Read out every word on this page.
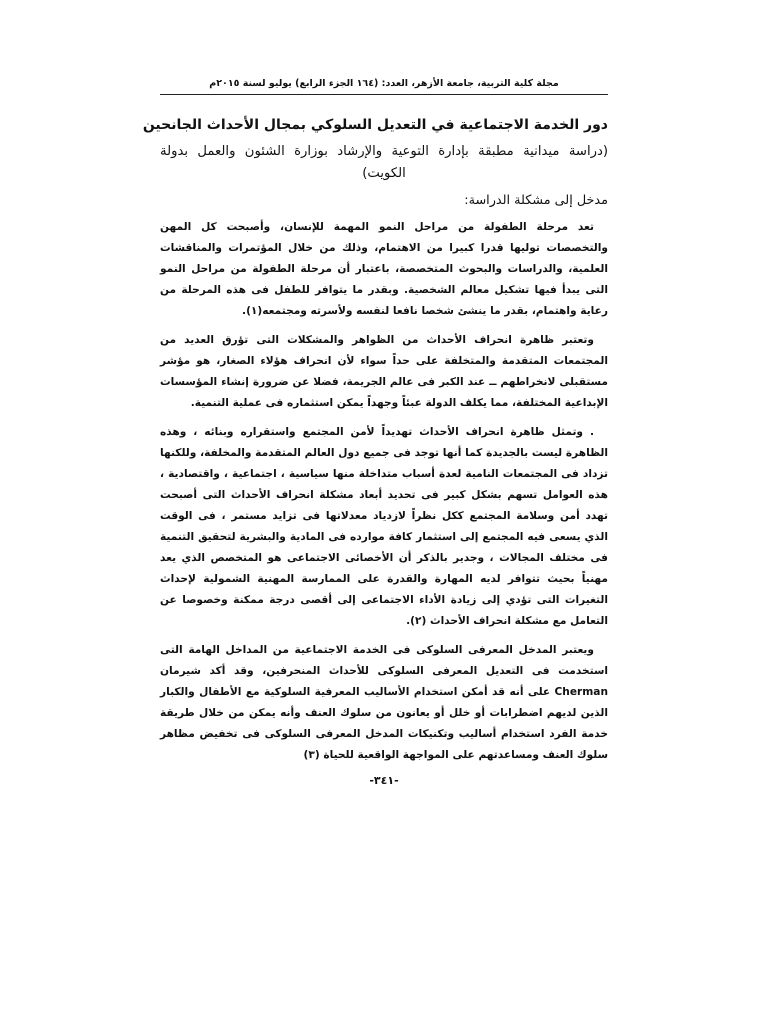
مجلة كلية التربية، جامعة الأزهر، العدد: (١٦٤ الجزء الرابع) يوليو لسنة ٢٠١٥م
دور الخدمة الاجتماعية في التعديل السلوكي بمجال الأحداث الجانحين
(دراسة ميدانية مطبقة بإدارة التوعية والإرشاد بوزارة الشئون والعمل بدولة الكويت)
مدخل إلى مشكلة الدراسة:

تعد مرحلة الطفولة من مراحل النمو المهمة للإنسان، وأصبحت كل المهن والتخصصات توليها قدرا كبيرا من الاهتمام، وذلك من خلال المؤتمرات والمناقشات العلمية، والدراسات والبحوث المتخصصة، باعتبار أن مرحلة الطفولة من مراحل النمو التى يبدأ فيها تشكيل معالم الشخصية. وبقدر ما يتوافر للطفل فى هذه المرحلة من رعاية واهتمام، بقدر ما ينشئ شخصا نافعا لنفسه ولأسرته ومجتمعه(١).

وتعتبر ظاهرة انحراف الأحداث من الظواهر والمشكلات التى تؤرق العديد من المجتمعات المتقدمة والمتخلفة على حداً سواء لأن انحراف هؤلاء الصغار، هو مؤشر مستقبلى لانخراطهم ــ عند الكبر فى عالم الجريمة، فضلا عن ضرورة إنشاء المؤسسات الإبداعية المختلفة، مما يكلف الدولة عبئاً وجهداً يمكن استثماره فى عملية التنمية.

. وتمثل ظاهرة انحراف الأحداث تهديداً لأمن المجتمع واستقراره وبنائه ، وهذه الظاهرة ليست بالجديدة كما أنها توجد فى جميع دول العالم المتقدمة والمخلفة، وللكنها تزداد فى المجتمعات النامية لعدة أسباب متداخلة منها سياسية ، اجتماعية ، واقتصادية ، هذه العوامل تسهم بشكل كبير فى تحديد أبعاد مشكلة انحراف الأحداث التى أصبحت تهدد أمن وسلامة المجتمع ككل نظراً لازدياد معدلاتها فى تزايد مستمر ، فى الوقت الذي يسعى فيه المجتمع إلى استثمار كافة موارده فى المادية والبشرية لتحقيق التنمية فى مختلف المجالات ، وجدير بالذكر أن الأخصائى الاجتماعى هو المتخصص الذي يعد مهنياً بحيث تتوافر لديه المهارة والقدرة على الممارسة المهنية الشمولية لإحداث التغيرات التى تؤدي إلى زيادة الأداء الاجتماعى إلى أقصى درجة ممكنة وخصوصا عن التعامل مع مشكلة انحراف الأحداث (٢).

ويعتبر المدخل المعرفى السلوكى فى الخدمة الاجتماعية من المداخل الهامة التى استخدمت فى التعديل المعرفى السلوكى للأحداث المنحرفين، وقد أكد شيرمان Cherman على أنه قد أمكن استخدام الأساليب المعرفية السلوكية مع الأطفال والكبار الذين لديهم اضطرابات أو خلل أو يعانون من سلوك العنف وأنه يمكن من خلال طريقة خدمة الفرد استخدام أساليب وتكنيكات المدخل المعرفى السلوكى فى تخفيض مظاهر سلوك العنف ومساعدتهم على المواجهة الواقعية للحياة (٣)

-٣٤١-
